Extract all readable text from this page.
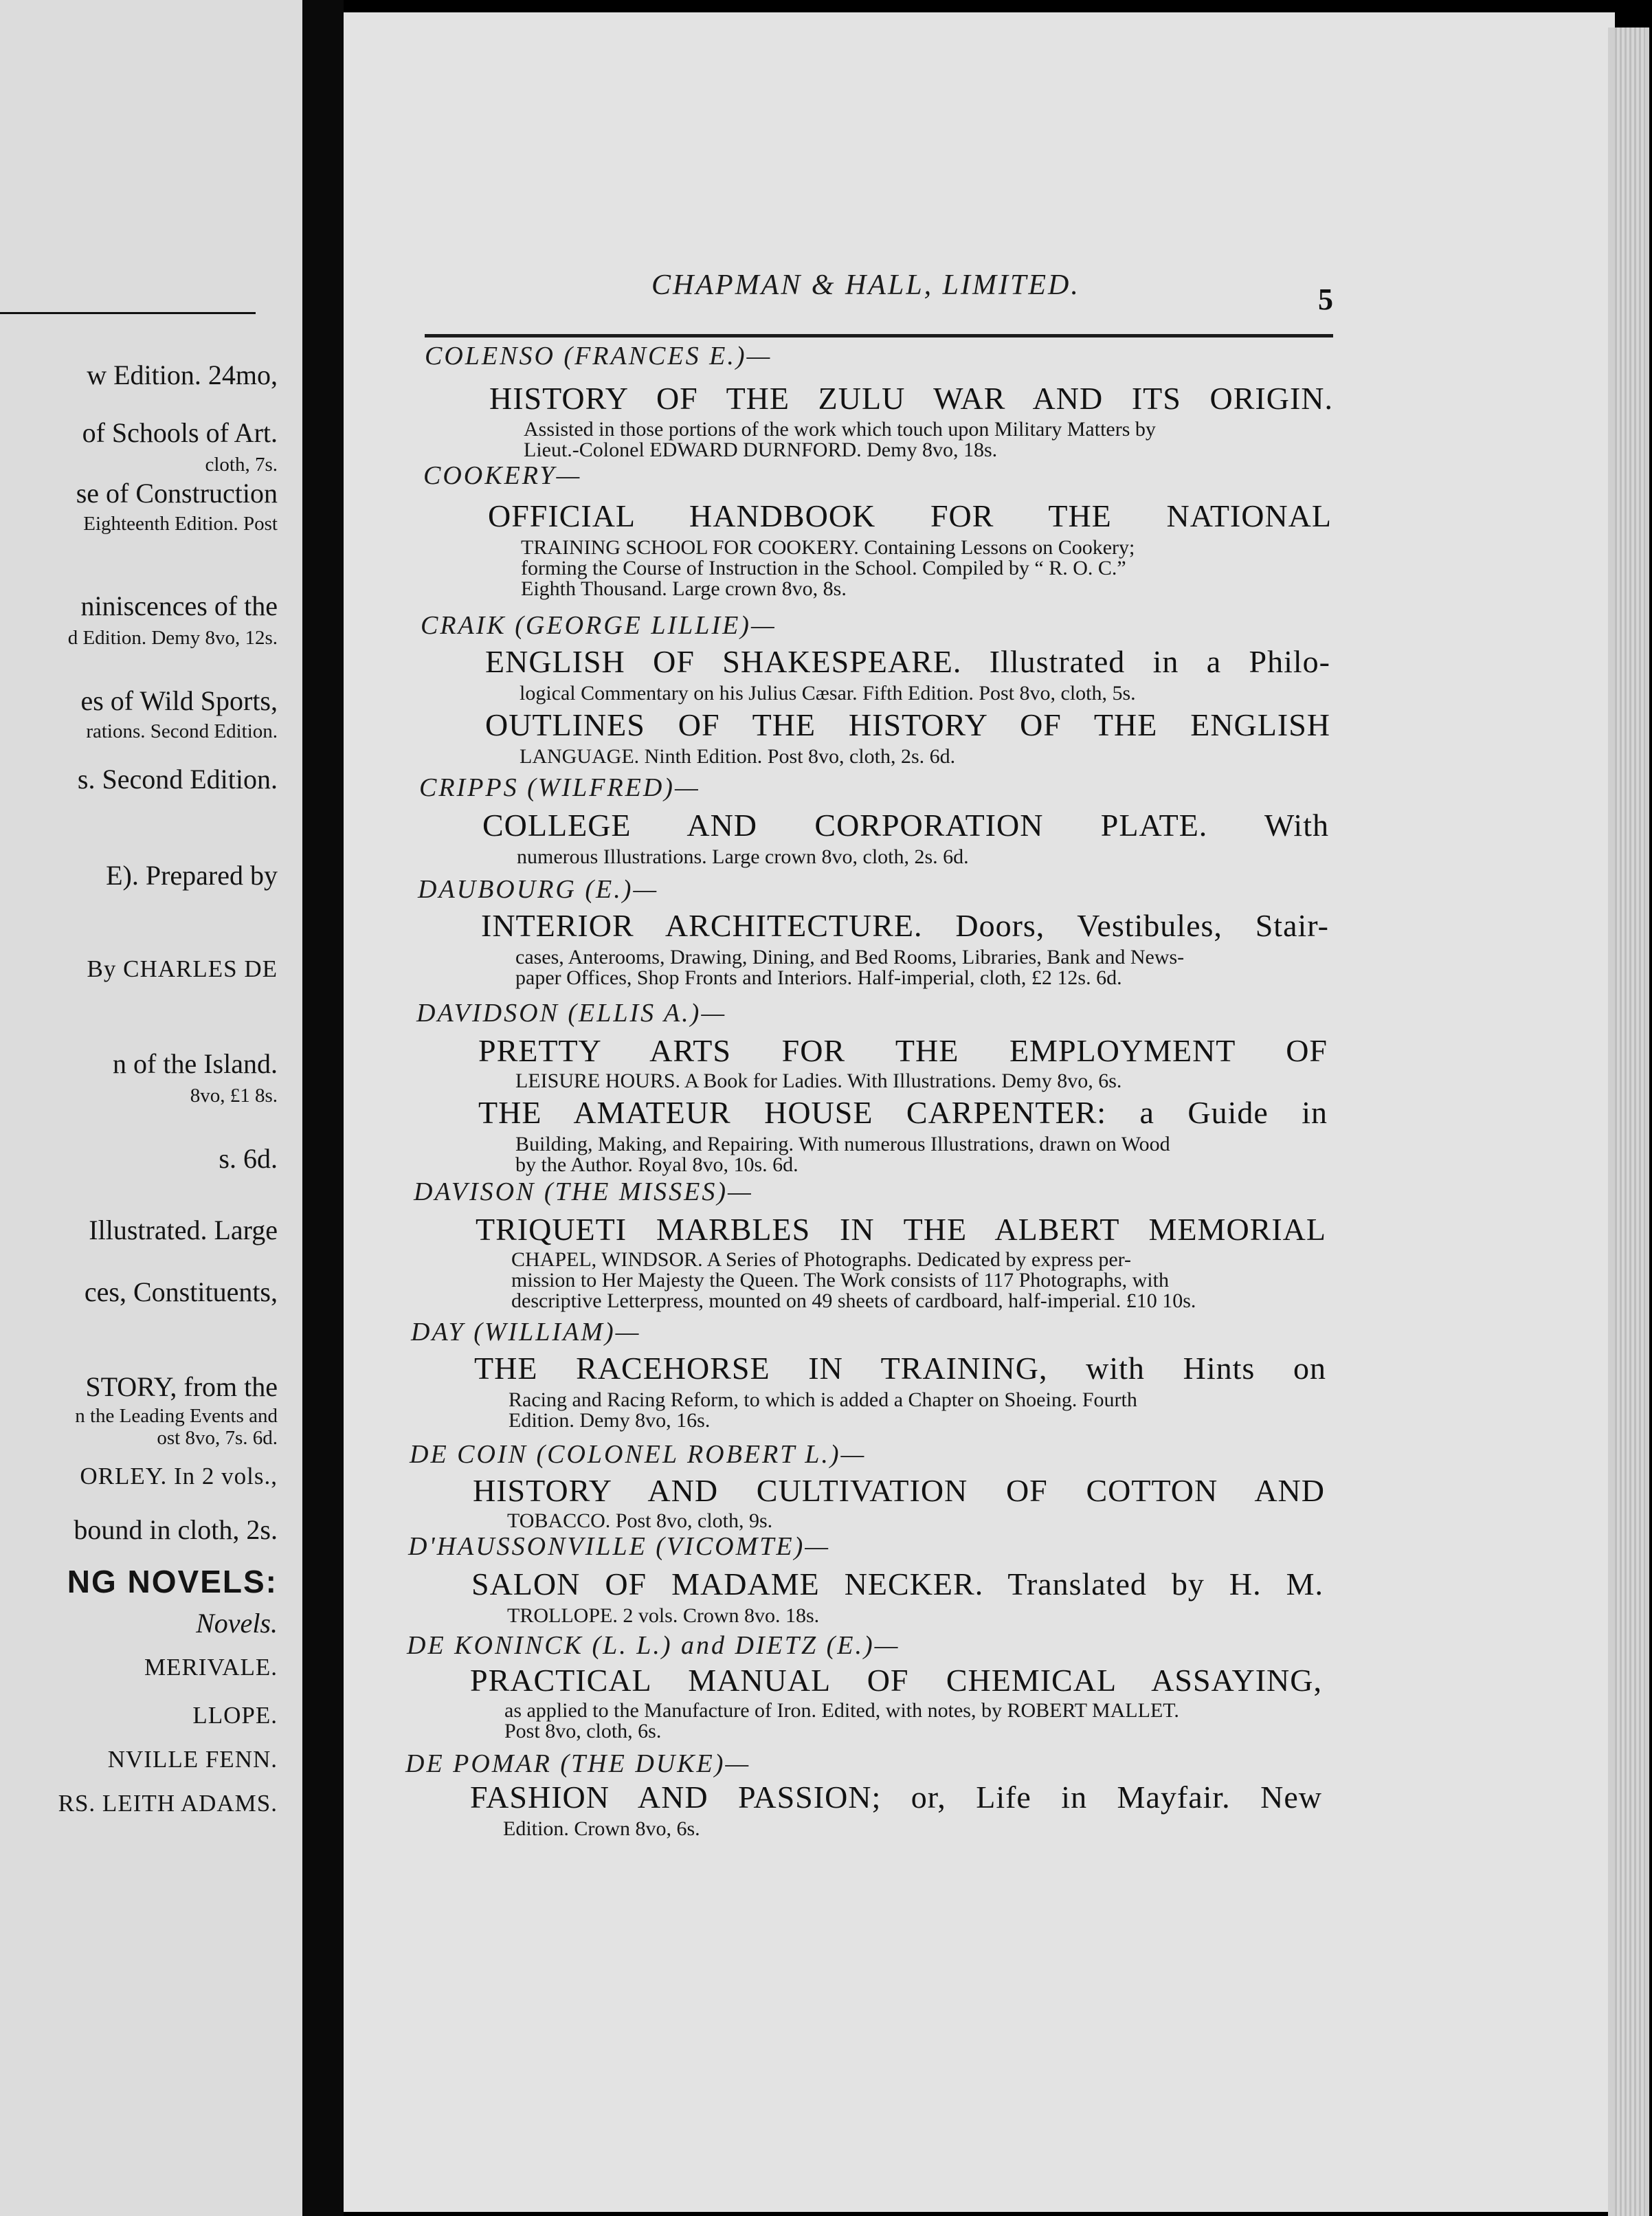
w Edition. 24mo,
of Schools of Art.
cloth, 7s.
se of Construction
Eighteenth Edition. Post
niniscences of the
d Edition. Demy 8vo, 12s.
es of Wild Sports,
rations. Second Edition.
s. Second Edition.
E). Prepared by
By CHARLES DE
n of the Island.
8vo, £1 8s.
s. 6d.
Illustrated. Large
ces, Constituents,
STORY, from the
n the Leading Events and
ost 8vo, 7s. 6d.
ORLEY. In 2 vols.,
bound in cloth, 2s.
NG NOVELS:
Novels.
MERIVALE.
LLOPE.
NVILLE FENN.
RS. LEITH ADAMS.
CHAPMAN & HALL, LIMITED.	5
COLENSO (FRANCES E.)—
HISTORY OF THE ZULU WAR AND ITS ORIGIN.
Assisted in those portions of the work which touch upon Military Matters by
Lieut.-Colonel EDWARD DURNFORD. Demy 8vo, 18s.
COOKERY—
OFFICIAL HANDBOOK FOR THE NATIONAL
TRAINING SCHOOL FOR COOKERY. Containing Lessons on Cookery;
forming the Course of Instruction in the School. Compiled by “ R. O. C.”
Eighth Thousand. Large crown 8vo, 8s.
CRAIK (GEORGE LILLIE)—
ENGLISH OF SHAKESPEARE. Illustrated in a Philo-
logical Commentary on his Julius Cæsar. Fifth Edition. Post 8vo, cloth, 5s.
OUTLINES OF THE HISTORY OF THE ENGLISH
LANGUAGE. Ninth Edition. Post 8vo, cloth, 2s. 6d.
CRIPPS (WILFRED)—
COLLEGE AND CORPORATION PLATE. With
numerous Illustrations. Large crown 8vo, cloth, 2s. 6d.
DAUBOURG (E.)—
INTERIOR ARCHITECTURE. Doors, Vestibules, Stair-
cases, Anterooms, Drawing, Dining, and Bed Rooms, Libraries, Bank and News-
paper Offices, Shop Fronts and Interiors. Half-imperial, cloth, £2 12s. 6d.
DAVIDSON (ELLIS A.)—
PRETTY ARTS FOR THE EMPLOYMENT OF
LEISURE HOURS. A Book for Ladies. With Illustrations. Demy 8vo, 6s.
THE AMATEUR HOUSE CARPENTER: a Guide in
Building, Making, and Repairing. With numerous Illustrations, drawn on Wood
by the Author. Royal 8vo, 10s. 6d.
DAVISON (THE MISSES)—
TRIQUETI MARBLES IN THE ALBERT MEMORIAL
CHAPEL, WINDSOR. A Series of Photographs. Dedicated by express per-
mission to Her Majesty the Queen. The Work consists of 117 Photographs, with
descriptive Letterpress, mounted on 49 sheets of cardboard, half-imperial. £10 10s.
DAY (WILLIAM)—
THE RACEHORSE IN TRAINING, with Hints on
Racing and Racing Reform, to which is added a Chapter on Shoeing. Fourth
Edition. Demy 8vo, 16s.
DE COIN (COLONEL ROBERT L.)—
HISTORY AND CULTIVATION OF COTTON AND
TOBACCO. Post 8vo, cloth, 9s.
D'HAUSSONVILLE (VICOMTE)—
SALON OF MADAME NECKER. Translated by H. M.
TROLLOPE. 2 vols. Crown 8vo. 18s.
DE KONINCK (L. L.) and DIETZ (E.)—
PRACTICAL MANUAL OF CHEMICAL ASSAYING,
as applied to the Manufacture of Iron. Edited, with notes, by ROBERT MALLET.
Post 8vo, cloth, 6s.
DE POMAR (THE DUKE)—
FASHION AND PASSION; or, Life in Mayfair. New
Edition. Crown 8vo, 6s.
